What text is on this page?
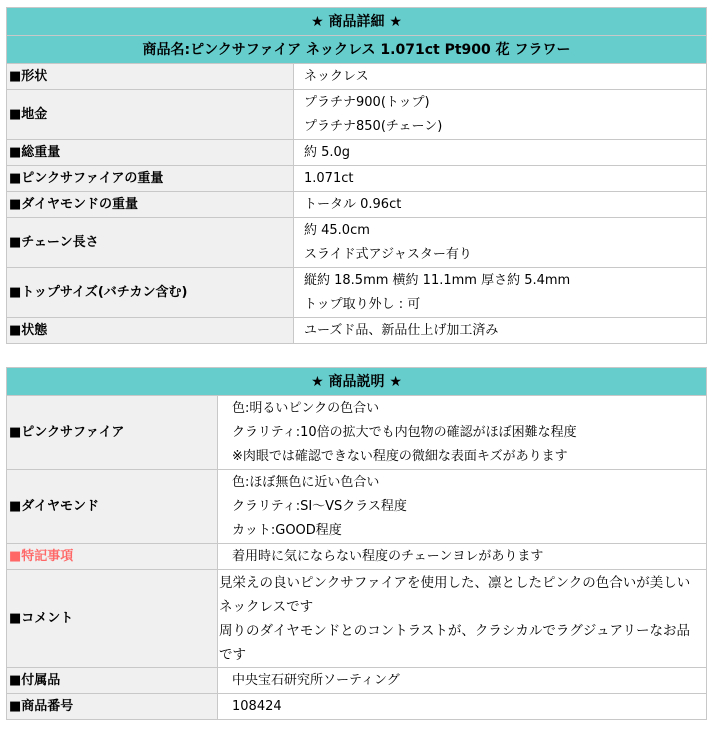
★ 商品詳細 ★	
商品名:ピンクサファイア ネックレス 1.071ct Pt900 花 フラワー	
■形状	ネックレス

■地金	プラチナ900(トップ)
プラチナ850(チェーン)

■総重量	約 5.0g

■ピンクサファイアの重量	1.071ct

■ダイヤモンドの重量	トータル 0.96ct

■チェーン長さ	約 45.0cm
スライド式アジャスター有り

■トップサイズ(バチカン含む)	縦約 18.5mm 横約 11.1mm 厚さ約 5.4mm
トップ取り外し : 可

■状態	ユーズド品、新品仕上げ加工済み
★ 商品説明 ★	
■ピンクサファイア	色:明るいピンクの色合い
クラリティ:10倍の拡大でも内包物の確認がほぼ困難な程度
※肉眼では確認できない程度の微細な表面キズがあります

■ダイヤモンド	色:ほぼ無色に近い色合い
クラリティ:SI〜VSクラス程度
カット:GOOD程度

■特記事項	着用時に気にならない程度のチェーンヨレがあります

■コメント	見栄えの良いピンクサファイアを使用した、凛としたピンクの色合いが美しいネックレスです
周りのダイヤモンドとのコントラストが、クラシカルでラグジュアリーなお品です

■付属品	中央宝石研究所ソーティング

■商品番号	108424
